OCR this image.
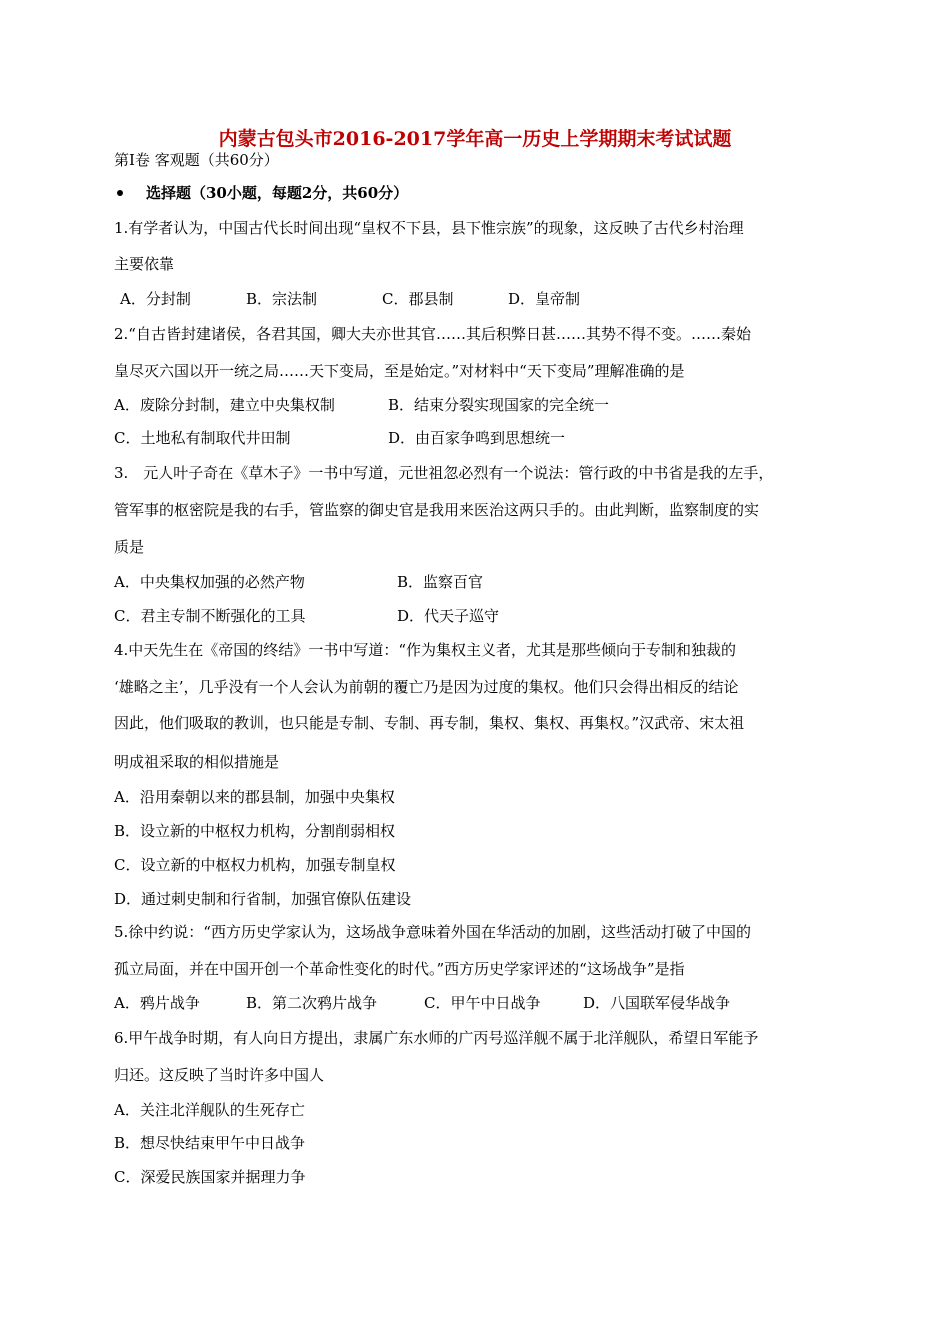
内蒙古包头市2016-2017学年高一历史上学期期末考试试题
第Ⅰ卷 客观题（共60分）
选择题（30小题，每题2分，共60分）
1.有学者认为，中国古代长时间出现“皇权不下县，县下惟宗族”的现象，这反映了古代乡村治理
主要依靠
A．分封制	B．宗法制	C．郡县制	D．皇帝制
2.“自古皆封建诸侯，各君其国，卿大夫亦世其官……其后积弊日甚……其势不得不变。……秦始
皇尽灭六国以开一统之局……天下变局，至是始定。”对材料中“天下变局”理解准确的是
A．废除分封制，建立中央集权制	B．结束分裂实现国家的完全统一
C．土地私有制取代井田制	D．由百家争鸣到思想统一
3.　元人叶子奇在《草木子》一书中写道，元世祖忽必烈有一个说法：管行政的中书省是我的左手，
管军事的枢密院是我的右手，管监察的御史官是我用来医治这两只手的。由此判断，监察制度的实
质是
A．中央集权加强的必然产物	B．监察百官
C．君主专制不断强化的工具	D．代天子巡守
4.中天先生在《帝国的终结》一书中写道：“作为集权主义者，尤其是那些倾向于专制和独裁的
‘雄略之主’，几乎没有一个人会认为前朝的覆亡乃是因为过度的集权。他们只会得出相反的结论
因此，他们吸取的教训，也只能是专制、专制、再专制，集权、集权、再集权。”汉武帝、宋太祖
明成祖采取的相似措施是
A．沿用秦朝以来的郡县制，加强中央集权
B．设立新的中枢权力机构，分割削弱相权
C．设立新的中枢权力机构，加强专制皇权
D．通过刺史制和行省制，加强官僚队伍建设
5.徐中约说：“西方历史学家认为，这场战争意味着外国在华活动的加剧，这些活动打破了中国的
孤立局面，并在中国开创一个革命性变化的时代。”西方历史学家评述的“这场战争”是指
A．鸦片战争	B．第二次鸦片战争	C．甲午中日战争	D．八国联军侵华战争
6.甲午战争时期，有人向日方提出，隶属广东水师的广丙号巡洋舰不属于北洋舰队，希望日军能予
归还。这反映了当时许多中国人
A．关注北洋舰队的生死存亡
B．想尽快结束甲午中日战争
C．深爱民族国家并据理力争
